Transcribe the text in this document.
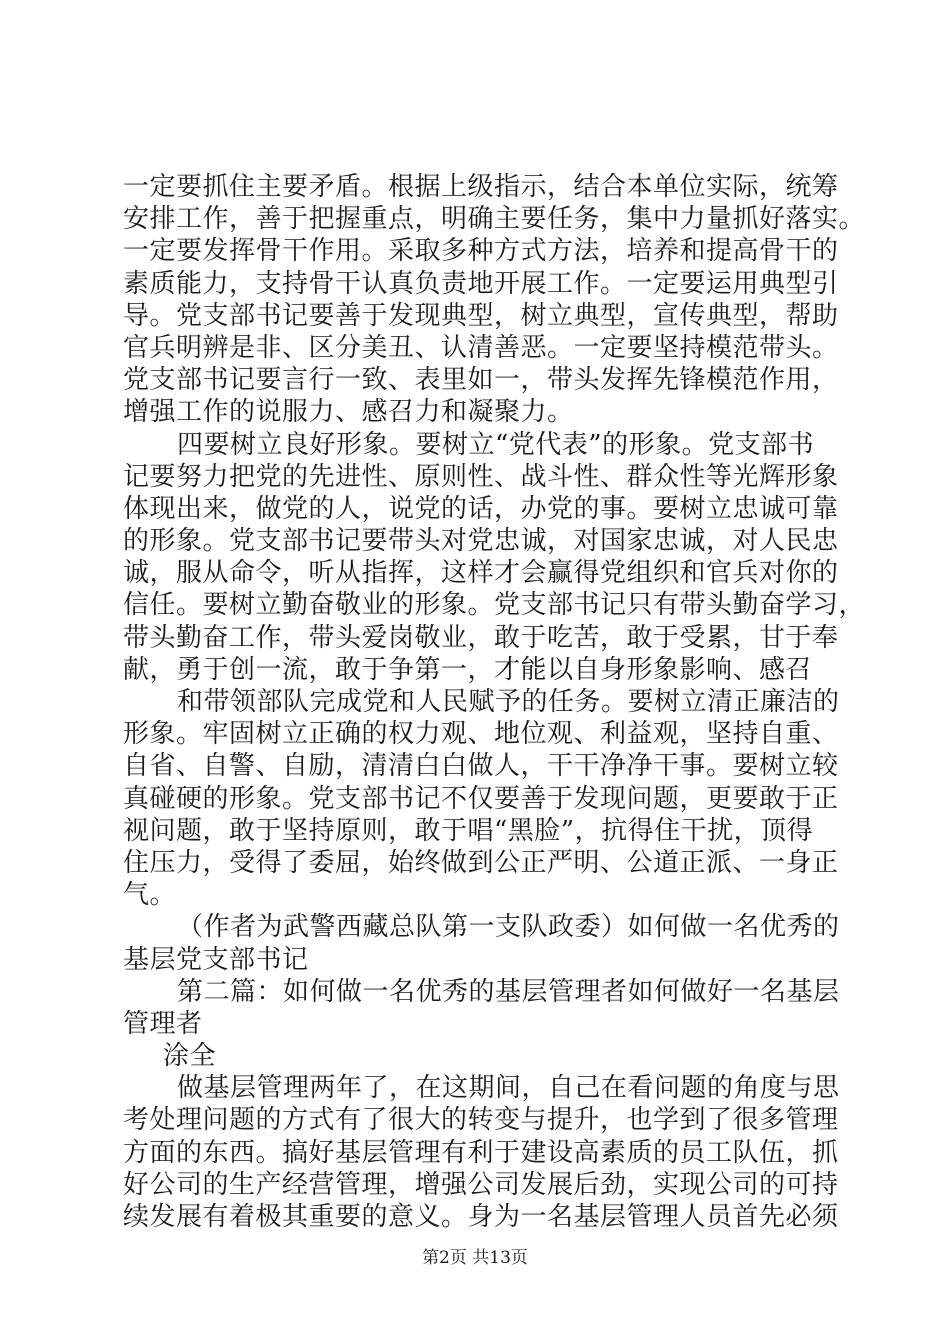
一定要抓住主要矛盾。根据上级指示，结合本单位实际，统筹
安排工作，善于把握重点，明确主要任务，集中力量抓好落实。
一定要发挥骨干作用。采取多种方式方法，培养和提高骨干的
素质能力，支持骨干认真负责地开展工作。一定要运用典型引
导。党支部书记要善于发现典型，树立典型，宣传典型，帮助
官兵明辨是非、区分美丑、认清善恶。一定要坚持模范带头。
党支部书记要言行一致、表里如一，带头发挥先锋模范作用，
增强工作的说服力、感召力和凝聚力。
四要树立良好形象。要树立“党代表”的形象。党支部书
记要努力把党的先进性、原则性、战斗性、群众性等光辉形象
体现出来，做党的人，说党的话，办党的事。要树立忠诚可靠
的形象。党支部书记要带头对党忠诚，对国家忠诚，对人民忠
诚，服从命令，听从指挥，这样才会赢得党组织和官兵对你的
信任。要树立勤奋敬业的形象。党支部书记只有带头勤奋学习，
带头勤奋工作，带头爱岗敬业，敢于吃苦，敢于受累，甘于奉
献，勇于创一流，敢于争第一，才能以自身形象影响、感召
和带领部队完成党和人民赋予的任务。要树立清正廉洁的
形象。牢固树立正确的权力观、地位观、利益观，坚持自重、
自省、自警、自励，清清白白做人，干干净净干事。要树立较
真碰硬的形象。党支部书记不仅要善于发现问题，更要敢于正
视问题，敢于坚持原则，敢于唱“黑脸”，抗得住干扰，顶得
住压力，受得了委屈，始终做到公正严明、公道正派、一身正
气。
（作者为武警西藏总队第一支队政委）如何做一名优秀的
基层党支部书记
第二篇：如何做一名优秀的基层管理者如何做好一名基层
管理者
涂全
做基层管理两年了，在这期间，自己在看问题的角度与思
考处理问题的方式有了很大的转变与提升，也学到了很多管理
方面的东西。搞好基层管理有利于建设高素质的员工队伍，抓
好公司的生产经营管理，增强公司发展后劲，实现公司的可持
续发展有着极其重要的意义。身为一名基层管理人员首先必须
第2页 共13页
